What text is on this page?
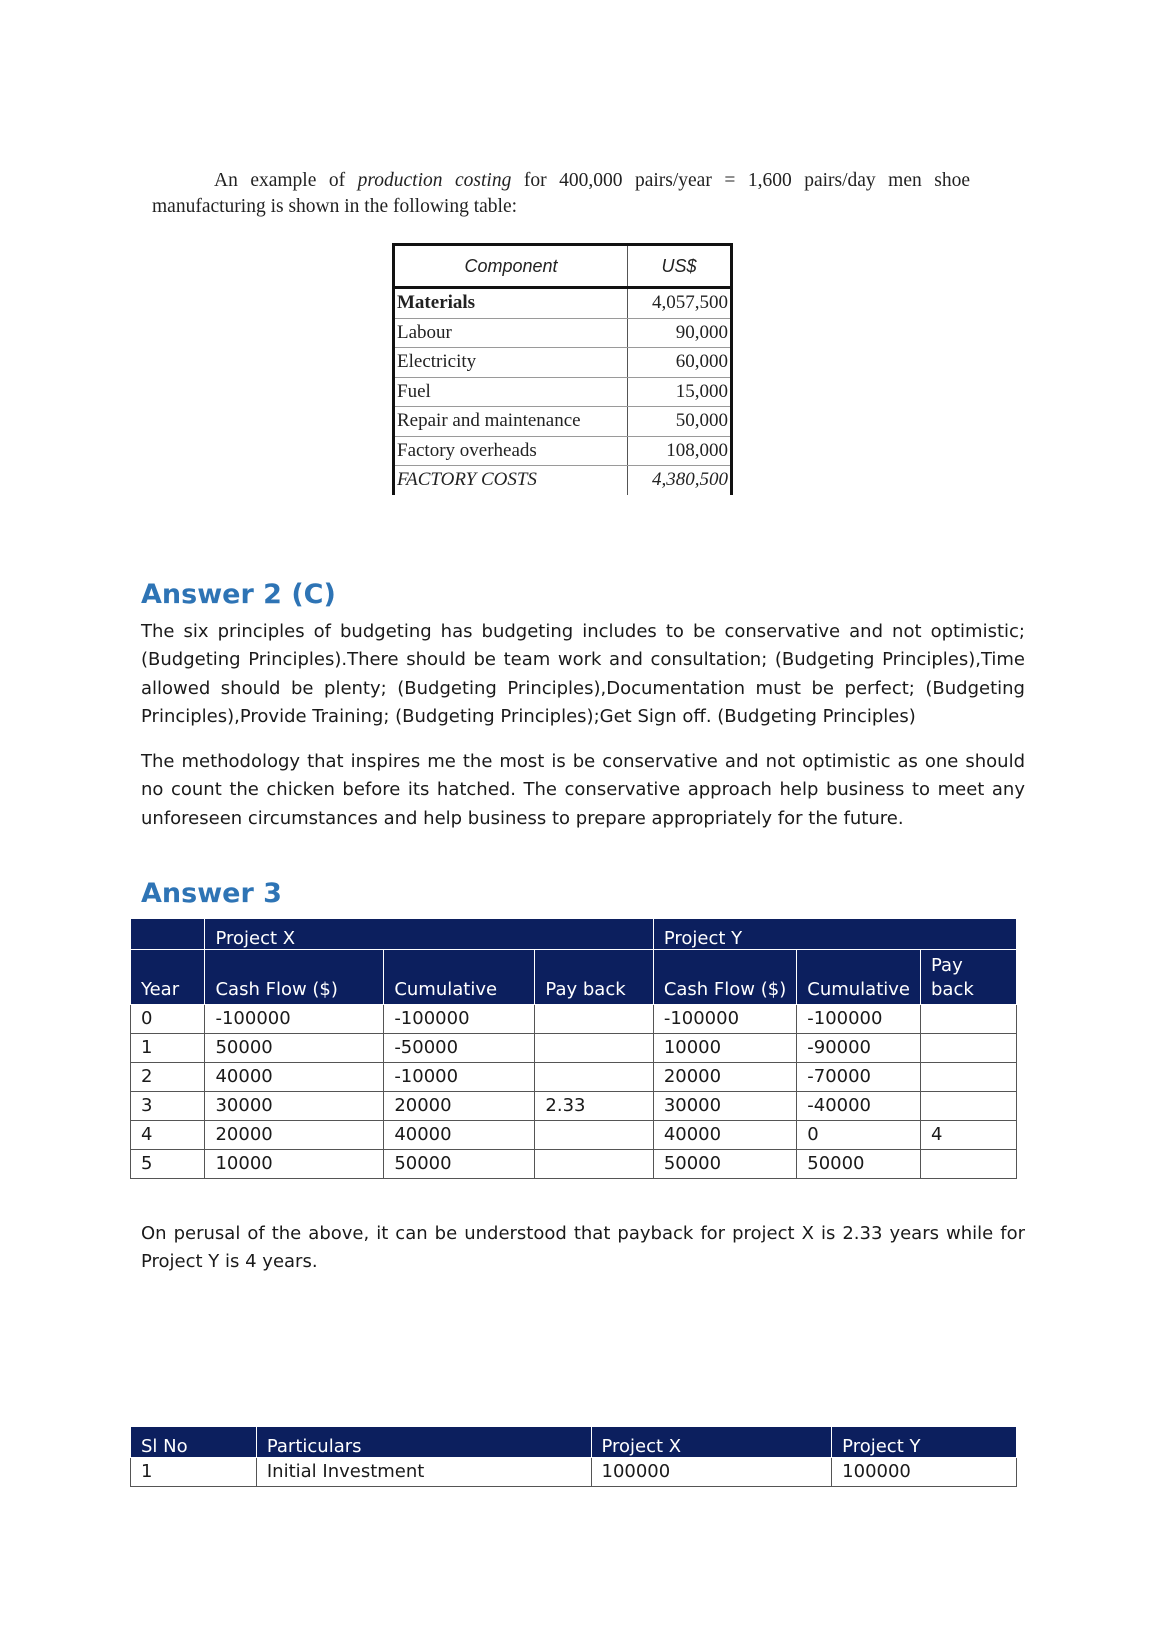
An example of production costing for 400,000 pairs/year = 1,600 pairs/day men shoe
manufacturing is shown in the following table:

Component	US$
Materials	4,057,500
Labour	90,000
Electricity	60,000
Fuel	15,000
Repair and maintenance	50,000
Factory overheads	108,000
FACTORY COSTS	4,380,500
Answer 2 (C)

The six principles of budgeting has budgeting includes to be conservative and not optimistic; (Budgeting Principles).There should be team work and consultation; (Budgeting Principles),Time allowed should be plenty; (Budgeting Principles),Documentation must be perfect; (Budgeting Principles),Provide Training; (Budgeting Principles);Get Sign off. (Budgeting Principles)

The methodology that inspires me the most is be conservative and not optimistic as one should no count the chicken before its hatched. The conservative approach help business to meet any unforeseen circumstances and help business to prepare appropriately for the future.

Answer 3
	Project X			Project Y		
Year	Cash Flow ($)	Cumulative	Pay back	Cash Flow ($)	Cumulative	Pay back
0	-100000	-100000		-100000	-100000	
1	50000	-50000		10000	-90000	
2	40000	-10000		20000	-70000	
3	30000	20000	2.33	30000	-40000	
4	20000	40000		40000	0	4
5	10000	50000		50000	50000	

On perusal of the above, it can be understood that payback for project X is 2.33 years while for Project Y is 4 years.

Sl No	Particulars	Project X	Project Y
1	Initial Investment	100000	100000
